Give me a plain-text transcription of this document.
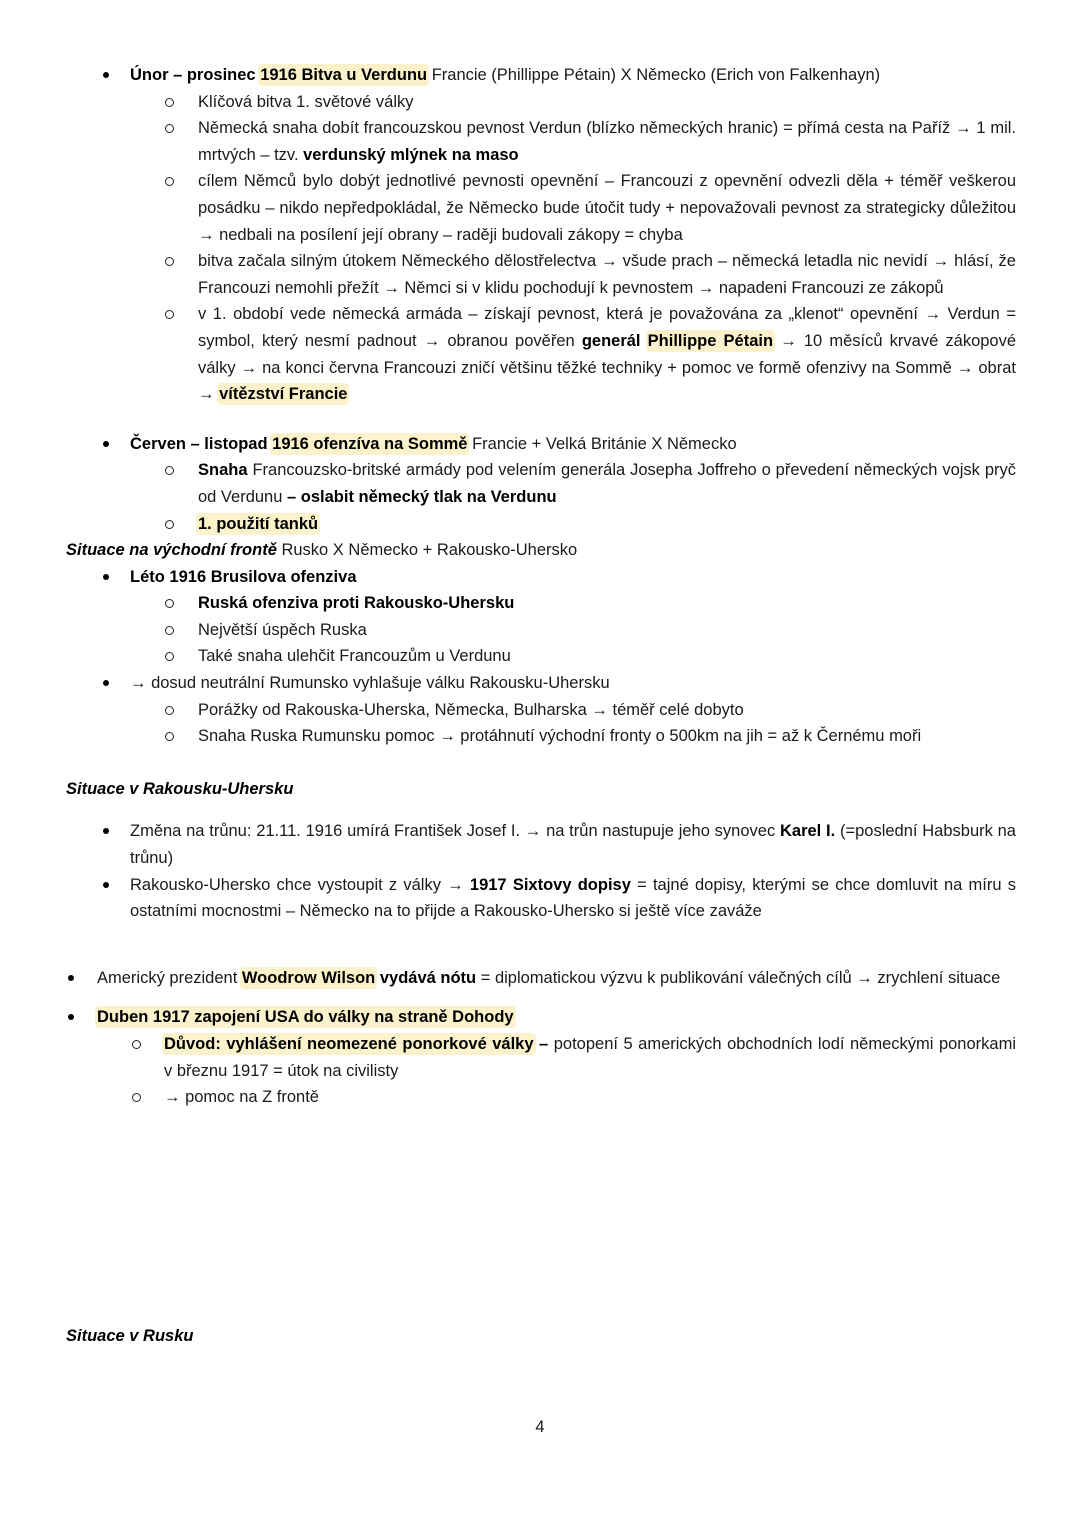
Únor – prosinec 1916 Bitva u Verdunu Francie (Phillippe Pétain) X Německo (Erich von Falkenhayn)
Klíčová bitva 1. světové války
Německá snaha dobít francouzskou pevnost Verdun (blízko německých hranic) = přímá cesta na Paříž → 1 mil. mrtvých – tzv. verdunský mlýnek na maso
cílem Němců bylo dobýt jednotlivé pevnosti opevnění – Francouzi z opevnění odvezli děla + téměř veškerou posádku – nikdo nepředpokládal, že Německo bude útočit tudy + nepovažovali pevnost za strategicky důležitou → nedbali na posílení její obrany – raději budovali zákopy = chyba
bitva začala silným útokem Německého dělostřelectva → všude prach – německá letadla nic nevidí → hlásí, že Francouzi nemohli přežít → Němci si v klidu pochodují k pevnostem → napadeni Francouzi ze zákopů
v 1. období vede německá armáda – získají pevnost, která je považována za „klenot“ opevnění → Verdun = symbol, který nesmí padnout → obranou pověřen generál Phillippe Pétain → 10 měsíců krvavé zákopové války → na konci června Francouzi zničí většinu těžké techniky + pomoc ve formě ofenzivy na Sommě → obrat → vítězství Francie
Červen – listopad 1916 ofenzíva na Sommě Francie + Velká Británie X Německo
Snaha Francouzsko-britské armády pod velením generála Josepha Joffreho o převedení německých vojsk pryč od Verdunu – oslabit německý tlak na Verdunu
1. použití tanků
Situace na východní frontě Rusko X Německo + Rakousko-Uhersko
Léto 1916 Brusilova ofenziva
Ruská ofenziva proti Rakousko-Uhersku
Největší úspěch Ruska
Také snaha ulehčit Francouzům u Verdunu
→ dosud neutrální Rumunsko vyhlašuje válku Rakousku-Uhersku
Porážky od Rakouska-Uherska, Německa, Bulharska → téměř celé dobyto
Snaha Ruska Rumunsku pomoc → protáhnutí východní fronty o 500km na jih = až k Černému moři
Situace v Rakousku-Uhersku
Změna na trůnu: 21.11. 1916 umírá František Josef I. → na trůn nastupuje jeho synovec Karel I. (=poslední Habsburk na trůnu)
Rakousko-Uhersko chce vystoupit z války → 1917 Sixtovy dopisy = tajné dopisy, kterými se chce domluvit na míru s ostatními mocnostmi – Německo na to přijde a Rakousko-Uhersko si ještě více zaváže
Americký prezident Woodrow Wilson vydává nótu = diplomatickou výzvu k publikování válečných cílů → zrychlení situace
Duben 1917 zapojení USA do války na straně Dohody
Důvod: vyhlášení neomezené ponorkové války – potopení 5 amerických obchodních lodí německými ponorkami v březnu 1917 = útok na civilisty
→ pomoc na Z frontě
Situace v Rusku
4
